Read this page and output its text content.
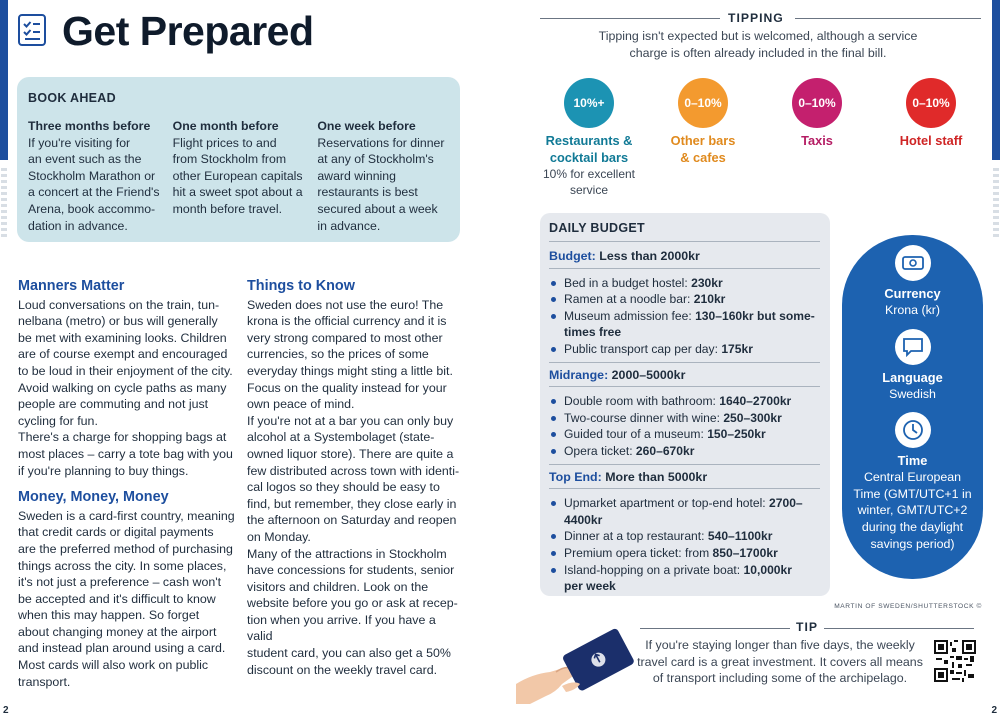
Get Prepared
BOOK AHEAD
Three months before
If you're visiting for
an event such as the
Stockholm Marathon or
a concert at the Friend's
Arena, book accommo-
dation in advance.
One month before
Flight prices to and
from Stockholm from
other European capitals
hit a sweet spot about a
month before travel.
One week before
Reservations for dinner
at any of Stockholm's
award winning
restaurants is best
secured about a week
in advance.
Manners Matter

Loud conversations on the train, tun-
nelbana (metro) or bus will generally
be met with examining looks. Children
are of course exempt and encouraged
to be loud in their enjoyment of the city.
Avoid walking on cycle paths as many
people are commuting and not just
cycling for fun.

There's a charge for shopping bags at
most places – carry a tote bag with you
if you're planning to buy things.

Money, Money, Money

Sweden is a card-first country, meaning
that credit cards or digital payments
are the preferred method of purchasing
things across the city. In some places,
it's not just a preference – cash won't
be accepted and it's difficult to know
when this may happen. So forget
about changing money at the airport
and instead plan around using a card.
Most cards will also work on public
transport.

Things to Know

Sweden does not use the euro! The
krona is the official currency and it is
very strong compared to most other
currencies, so the prices of some
everyday things might sting a little bit.
Focus on the quality instead for your
own peace of mind.

If you're not at a bar you can only buy
alcohol at a Systembolaget (state-
owned liquor store). There are quite a
few distributed across town with identi-
cal logos so they should be easy to
find, but remember, they close early in
the afternoon on Saturday and reopen
on Monday.

Many of the attractions in Stockholm
have concessions for students, senior
visitors and children. Look on the
website before you go or ask at recep-
tion when you arrive. If you have a valid
student card, you can also get a 50%
discount on the weekly travel card.

2
TIPPING
Tipping isn't expected but is welcomed, although a service
charge is often already included in the final bill.
10%+
Restaurants &
cocktail bars
10% for excellent
service
0–10%
Other bars
& cafes
0–10%
Taxis
0–10%
Hotel staff
DAILY BUDGET
Budget: Less than 2000kr
Bed in a budget hostel: 230kr
Ramen at a noodle bar: 210kr
Museum admission fee: 130–160kr but some-
times free
Public transport cap per day: 175kr
Midrange: 2000–5000kr
Double room with bathroom: 1640–2700kr
Two-course dinner with wine: 250–300kr
Guided tour of a museum: 150–250kr
Opera ticket: 260–670kr
Top End: More than 5000kr
Upmarket apartment or top-end hotel: 2700–4400kr
Dinner at a top restaurant: 540–1100kr
Premium opera ticket: from 850–1700kr
Island-hopping on a private boat: 10,000kr
per week
Currency
Krona (kr)
Language
Swedish
Time
Central European
Time (GMT/UTC+1 in
winter, GMT/UTC+2
during the daylight
savings period)
MARTIN OF SWEDEN/SHUTTERSTOCK ©
TIP
If you're staying longer than five days, the weekly
travel card is a great investment. It covers all means
of transport including some of the archipelago.
2
